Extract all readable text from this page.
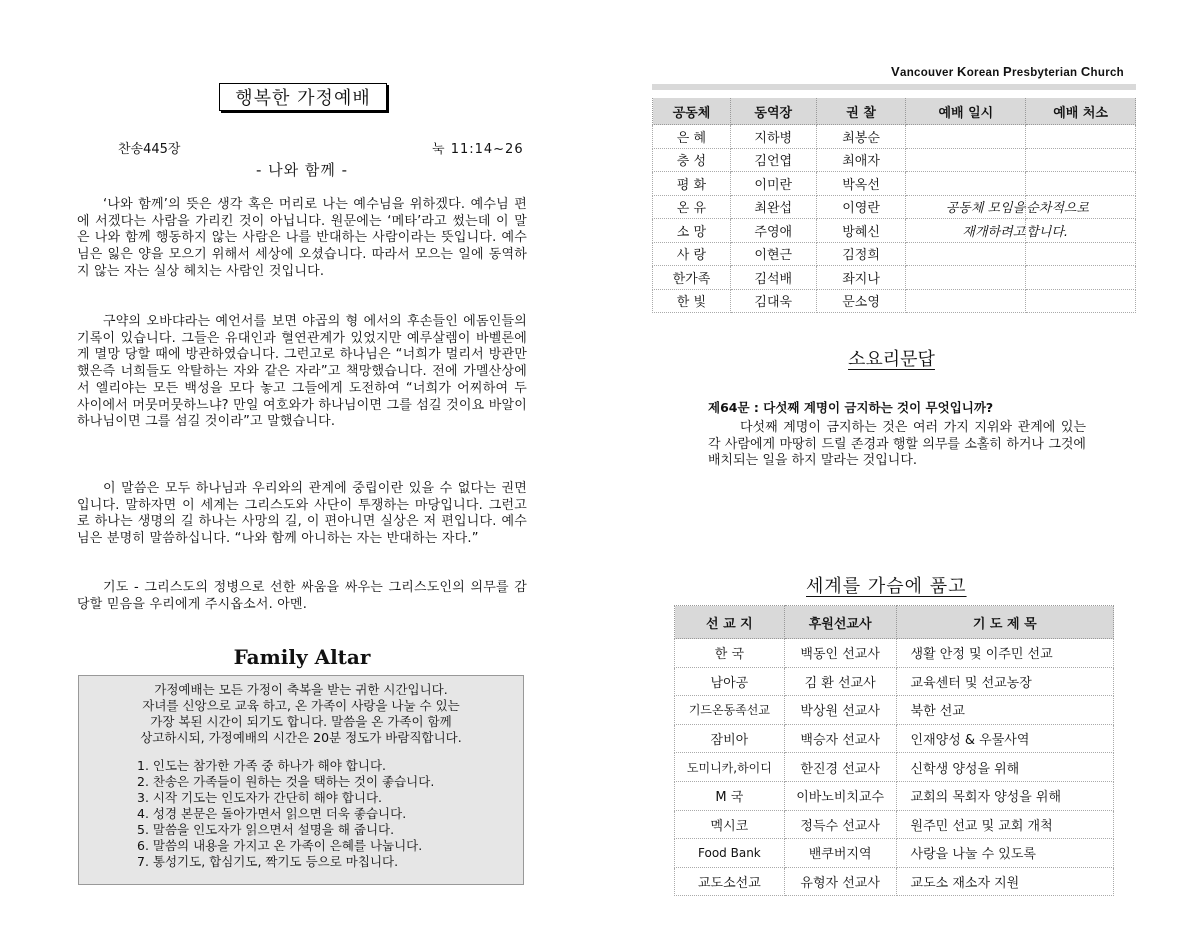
행복한 가정예배
찬송445장	눅 11:14~26
- 나와 함께 -
‘나와 함께’의 뜻은 생각 혹은 머리로 나는 예수님을 위하겠다. 예수님 편에 서겠다는 사람을 가리킨 것이 아닙니다. 원문에는 ‘메타’라고 썼는데 이 말은 나와 함께 행동하지 않는 사람은 나를 반대하는 사람이라는 뜻입니다. 예수님은 잃은 양을 모으기 위해서 세상에 오셨습니다. 따라서 모으는 일에 동역하지 않는 자는 실상 헤치는 사람인 것입니다.
구약의 오바댜라는 예언서를 보면 야곱의 형 에서의 후손들인 에돔인들의 기록이 있습니다. 그들은 유대인과 혈연관계가 있었지만 예루살렘이 바벨론에게 멸망 당할 때에 방관하였습니다. 그런고로 하나님은 “너희가 멀리서 방관만 했은즉 너희들도 악탈하는 자와 같은 자라”고 책망했습니다. 전에 가멜산상에서 엘리야는 모든 백성을 모다 놓고 그들에게 도전하여 “너희가 어찌하여 두 사이에서 머뭇머뭇하느냐? 만일 여호와가 하나님이면 그를 섬길 것이요 바알이 하나님이면 그를 섬길 것이라”고 말했습니다.
이 말씀은 모두 하나님과 우리와의 관계에 중립이란 있을 수 없다는 권면입니다. 말하자면 이 세계는 그리스도와 사단이 투쟁하는 마당입니다. 그런고로 하나는 생명의 길 하나는 사망의 길, 이 편아니면 실상은 저 편입니다. 예수님은 분명히 말씀하십니다. “나와 함께 아니하는 자는 반대하는 자다.”
기도 - 그리스도의 정병으로 선한 싸움을 싸우는 그리스도인의 의무를 감당할 믿음을 우리에게 주시옵소서. 아멘.
Family Altar
가정예배는 모든 가정이 축복을 받는 귀한 시간입니다.
자녀를 신앙으로 교육 하고, 온 가족이 사랑을 나눌 수 있는
가장 복된 시간이 되기도 합니다. 말씀을 온 가족이 함께
상고하시되, 가정예배의 시간은 20분 정도가 바람직합니다.
1. 인도는 참가한 가족 중 하나가 해야 합니다.
2. 찬송은 가족들이 원하는 것을 택하는 것이 좋습니다.
3. 시작 기도는 인도자가 간단히 해야 합니다.
4. 성경 본문은 돌아가면서 읽으면 더욱 좋습니다.
5. 말씀을 인도자가 읽으면서 설명을 해 줍니다.
6. 말씀의 내용을 가지고 온 가족이 은혜를 나눕니다.
7. 통성기도, 합심기도, 짝기도 등으로 마칩니다.
Vancouver Korean Presbyterian Church
공동체	동역장	권 찰	예배 일시	예배 처소
은 혜	지하병	최봉순		
충 성	김언엽	최애자		
평 화	이미란	박옥선		
온 유	최완섭	이영란	공동체 모임을	순차적으로
소 망	주영애	방혜신	재개하려고	합니다.
사 랑	이현근	김정희		
한가족	김석배	좌지나		
한 빛	김대욱	문소영		
소요리문답
제64문 : 다섯째 계명이 금지하는 것이 무엇입니까?
다섯째 계명이 금지하는 것은 여러 가지 지위와 관계에 있는 각 사람에게 마땅히 드릴 존경과 행할 의무를 소홀히 하거나 그것에 배치되는 일을 하지 말라는 것입니다.
세계를 가슴에 품고
선 교 지	후원선교사	기 도 제 목
한 국	백동인 선교사	생활 안정 및 이주민 선교
남아공	김 환 선교사	교육센터 및 선교농장
기드온동족선교	박상원 선교사	북한 선교
잠비아	백승자 선교사	인재양성 & 우물사역
도미니카,하이디	한진경 선교사	신학생 양성을 위해
M 국	이바노비치교수	교회의 목회자 양성을 위해
멕시코	정득수 선교사	원주민 선교 및 교회 개척
Food Bank	밴쿠버지역	사랑을 나눌 수 있도록
교도소선교	유형자 선교사	교도소 재소자 지원
